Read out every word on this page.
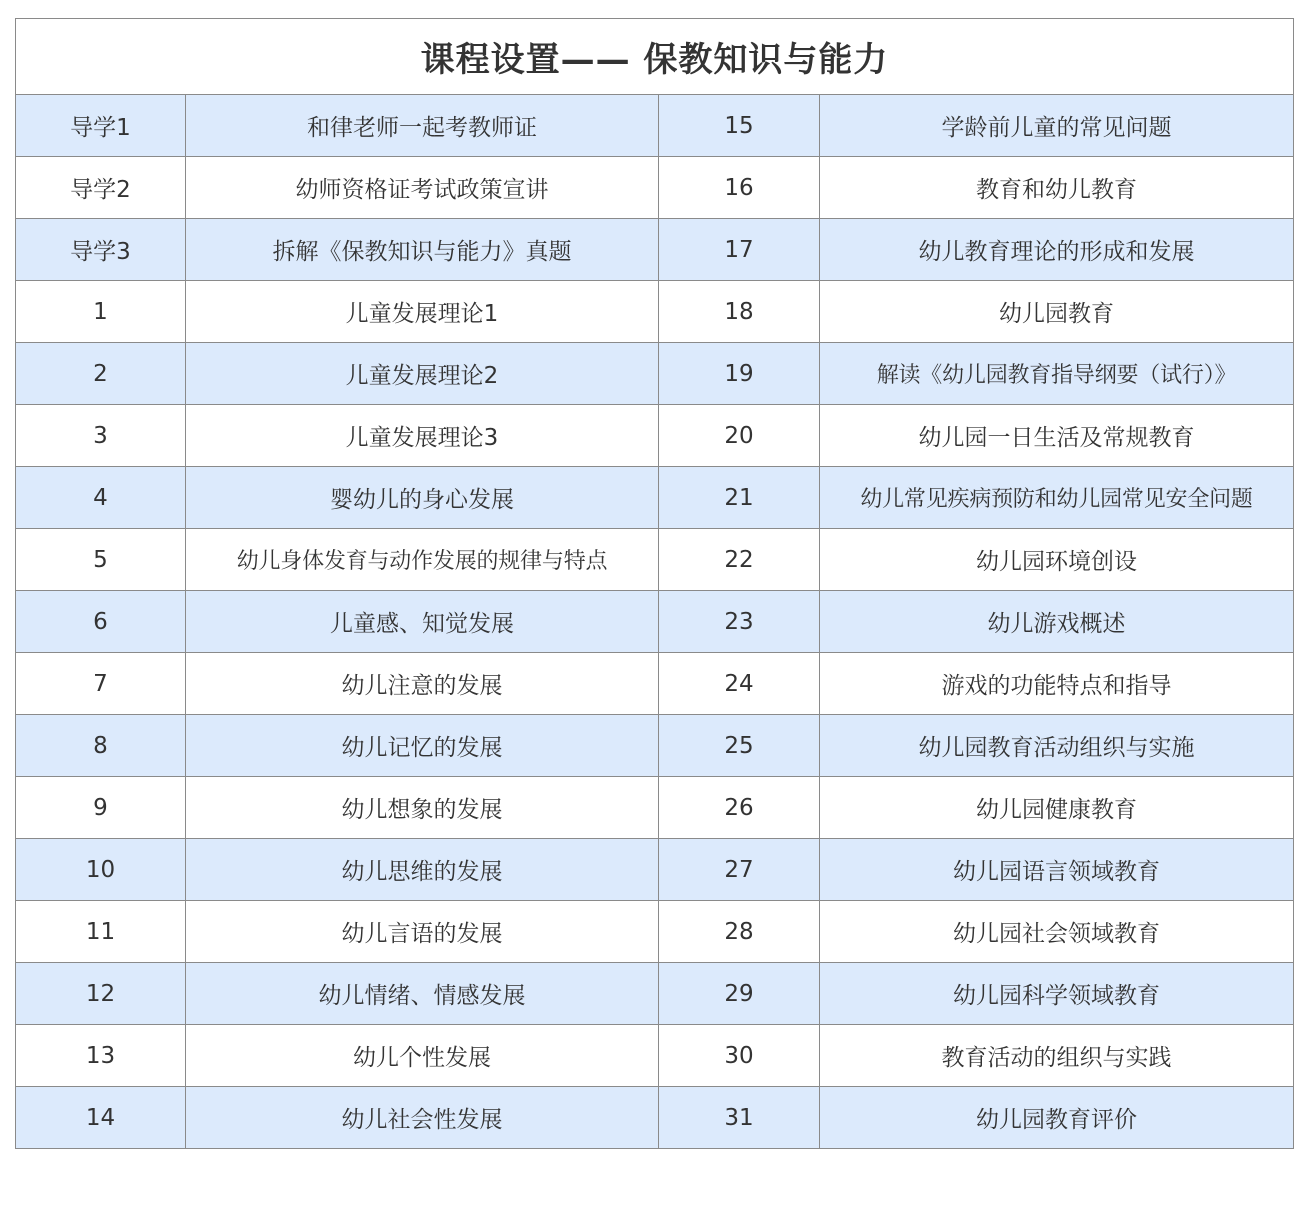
课程设置—— 保教知识与能力			
导学1	和律老师一起考教师证	15	学龄前儿童的常见问题
导学2	幼师资格证考试政策宣讲	16	教育和幼儿教育
导学3	拆解《保教知识与能力》真题	17	幼儿教育理论的形成和发展
1	儿童发展理论1	18	幼儿园教育
2	儿童发展理论2	19	解读《幼儿园教育指导纲要（试行）》
3	儿童发展理论3	20	幼儿园一日生活及常规教育
4	婴幼儿的身心发展	21	幼儿常见疾病预防和幼儿园常见安全问题
5	幼儿身体发育与动作发展的规律与特点	22	幼儿园环境创设
6	儿童感、知觉发展	23	幼儿游戏概述
7	幼儿注意的发展	24	游戏的功能特点和指导
8	幼儿记忆的发展	25	幼儿园教育活动组织与实施
9	幼儿想象的发展	26	幼儿园健康教育
10	幼儿思维的发展	27	幼儿园语言领域教育
11	幼儿言语的发展	28	幼儿园社会领域教育
12	幼儿情绪、情感发展	29	幼儿园科学领域教育
13	幼儿个性发展	30	教育活动的组织与实践
14	幼儿社会性发展	31	幼儿园教育评价
